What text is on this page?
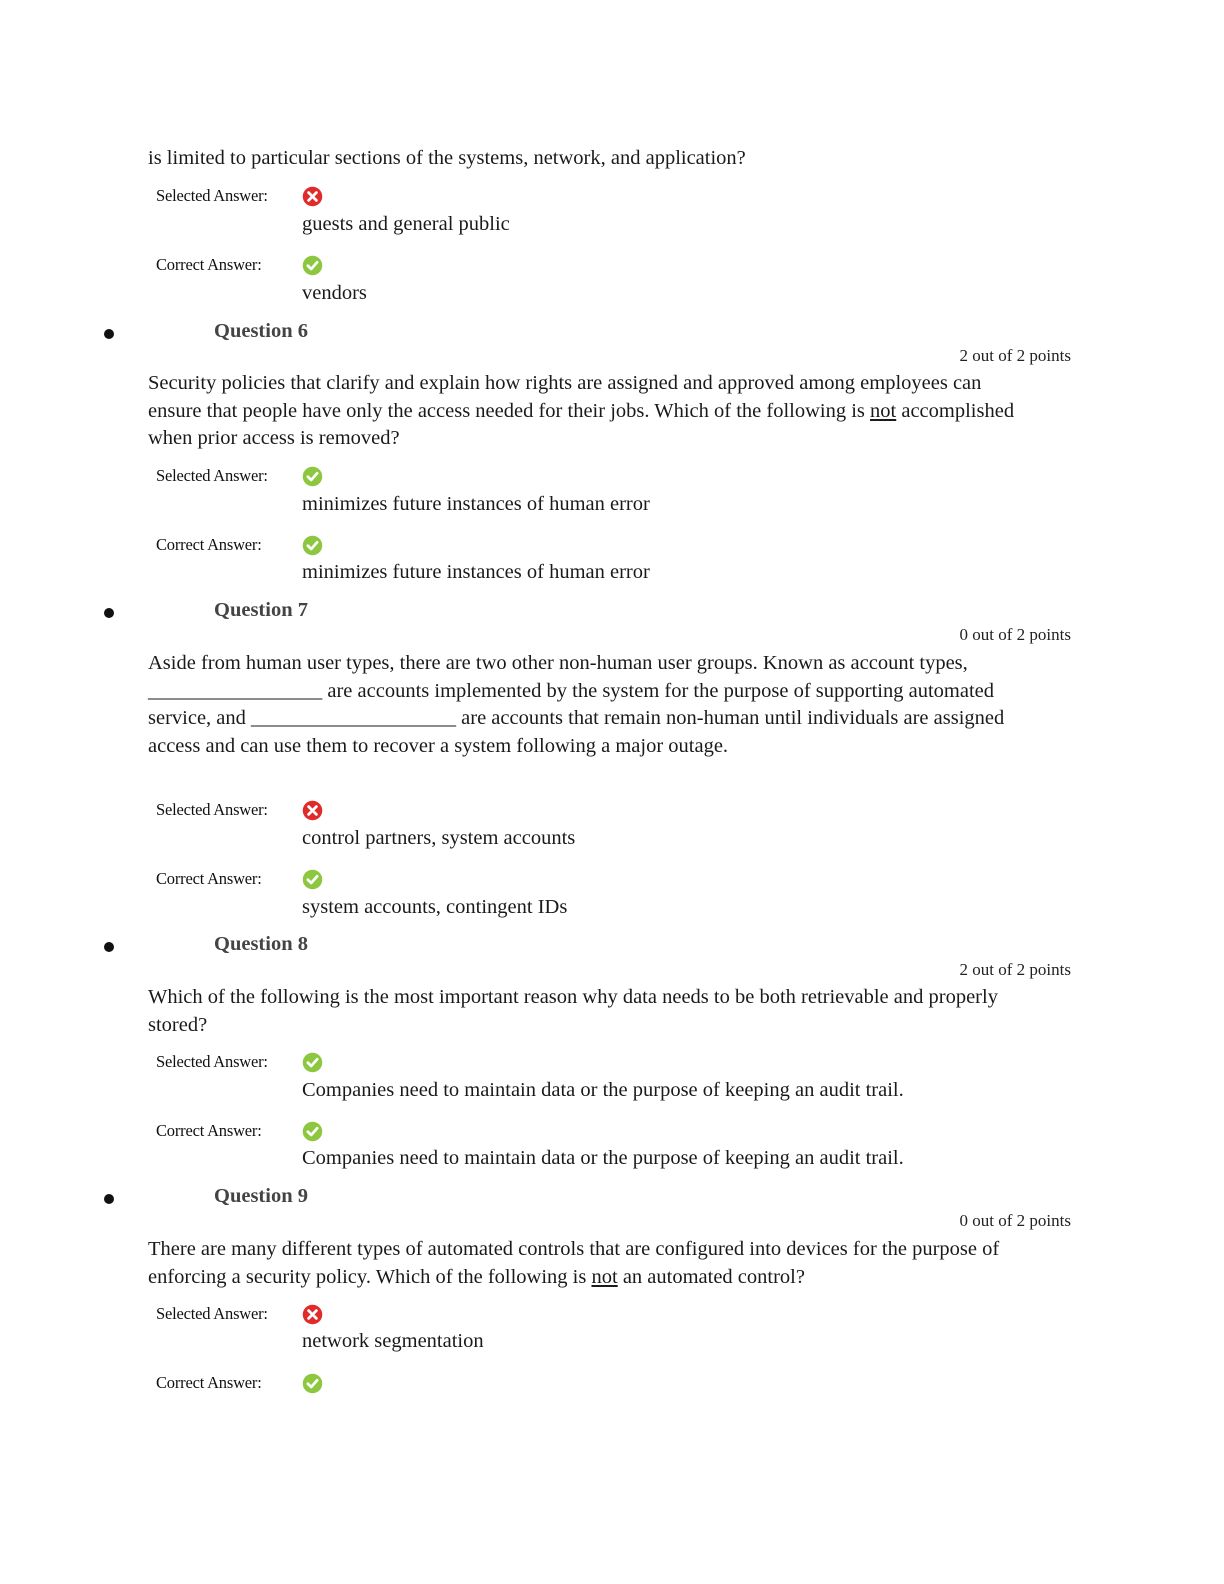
is limited to particular sections of the systems, network, and application?
Selected Answer:
guests and general public
Correct Answer:
vendors
Question 6
2 out of 2 points
Security policies that clarify and explain how rights are assigned and approved among employees can ensure that people have only the access needed for their jobs. Which of the following is not accomplished when prior access is removed?
Selected Answer:
minimizes future instances of human error
Correct Answer:
minimizes future instances of human error
Question 7
0 out of 2 points
Aside from human user types, there are two other non-human user groups. Known as account types, _________________ are accounts implemented by the system for the purpose of supporting automated service, and ____________________ are accounts that remain non-human until individuals are assigned access and can use them to recover a system following a major outage.
Selected Answer:
control partners, system accounts
Correct Answer:
system accounts, contingent IDs
Question 8
2 out of 2 points
Which of the following is the most important reason why data needs to be both retrievable and properly stored?
Selected Answer:
Companies need to maintain data or the purpose of keeping an audit trail.
Correct Answer:
Companies need to maintain data or the purpose of keeping an audit trail.
Question 9
0 out of 2 points
There are many different types of automated controls that are configured into devices for the purpose of enforcing a security policy. Which of the following is not an automated control?
Selected Answer:
network segmentation
Correct Answer:
